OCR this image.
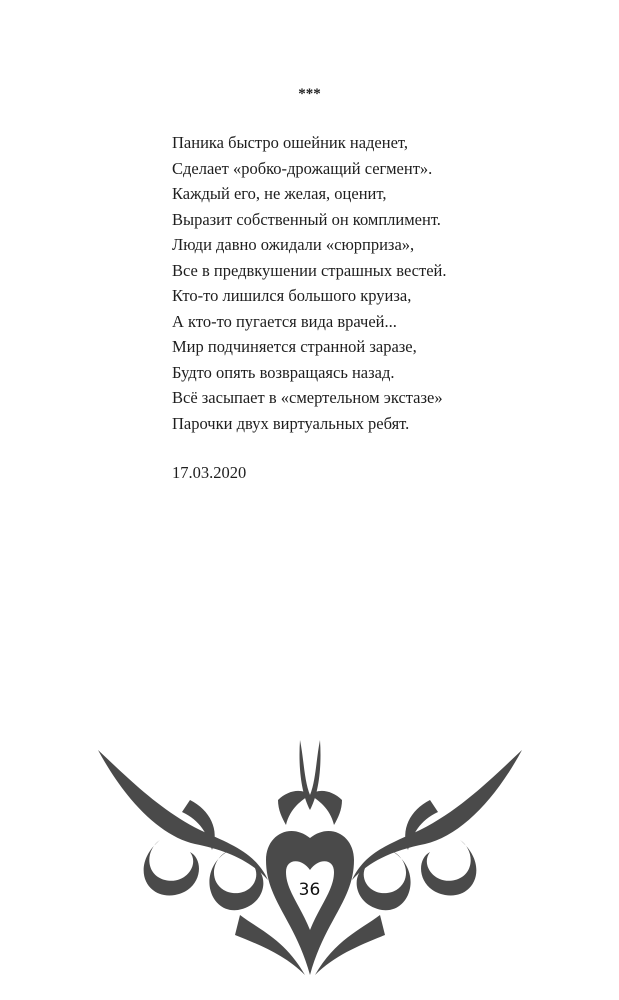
***
Паника быстро ошейник наденет,
Сделает «робко-дрожащий сегмент».
Каждый его, не желая, оценит,
Выразит собственный он комплимент.
Люди давно ожидали «сюрприза»,
Все в предвкушении страшных вестей.
Кто-то лишился большого круиза,
А кто-то пугается вида врачей...
Мир подчиняется странной заразе,
Будто опять возвращаясь назад.
Всё засыпает в «смертельном экстазе»
Парочки двух виртуальных ребят.
17.03.2020
36
